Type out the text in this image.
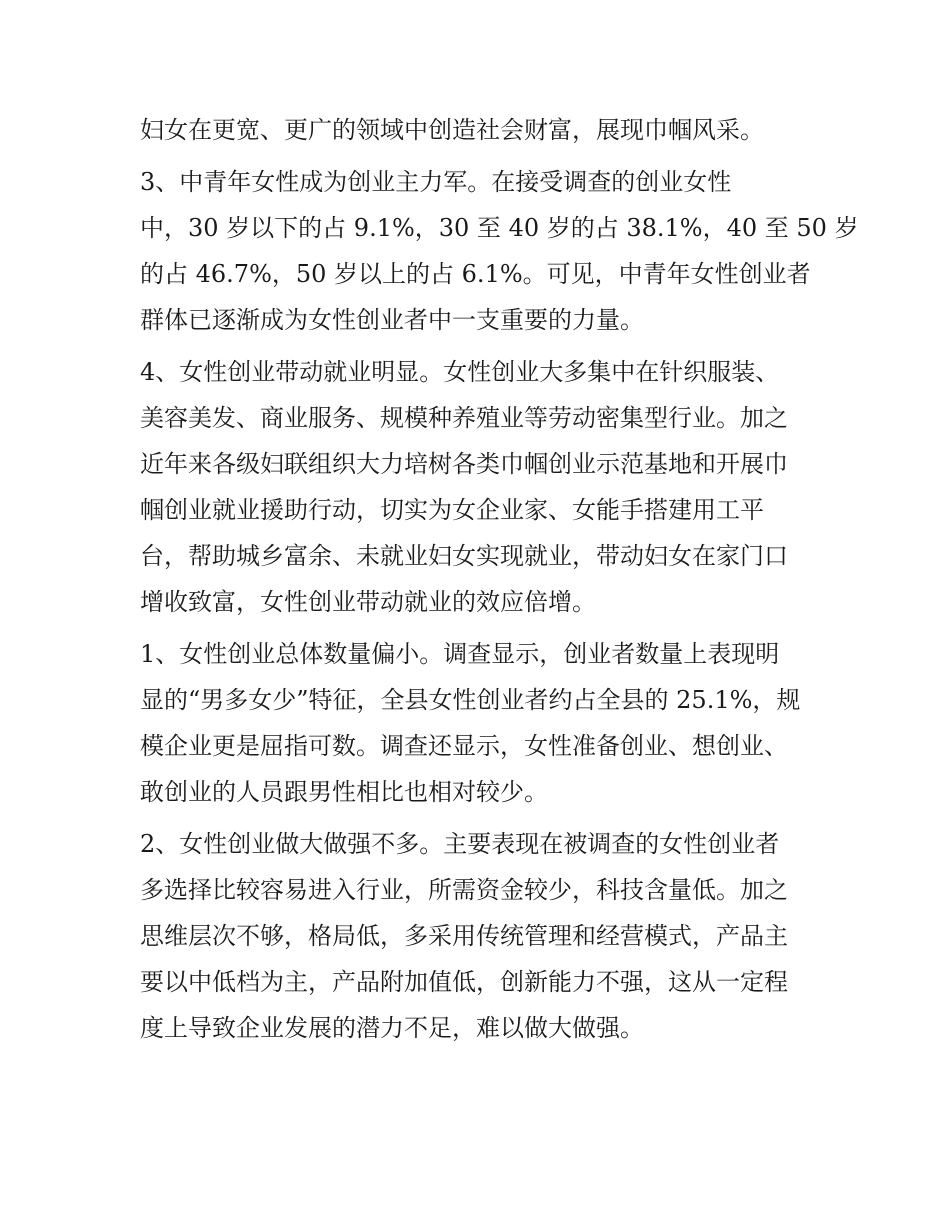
妇女在更宽、更广的领域中创造社会财富，展现巾帼风采。
3、中青年女性成为创业主力军。在接受调查的创业女性
中，30 岁以下的占 9.1%，30 至 40 岁的占 38.1%，40 至 50 岁
的占 46.7%，50 岁以上的占 6.1%。可见，中青年女性创业者
群体已逐渐成为女性创业者中一支重要的力量。
4、女性创业带动就业明显。女性创业大多集中在针织服装、
美容美发、商业服务、规模种养殖业等劳动密集型行业。加之
近年来各级妇联组织大力培树各类巾帼创业示范基地和开展巾
帼创业就业援助行动，切实为女企业家、女能手搭建用工平
台，帮助城乡富余、未就业妇女实现就业，带动妇女在家门口
增收致富，女性创业带动就业的效应倍增。
1、女性创业总体数量偏小。调查显示，创业者数量上表现明
显的“男多女少”特征，全县女性创业者约占全县的 25.1%，规
模企业更是屈指可数。调查还显示，女性准备创业、想创业、
敢创业的人员跟男性相比也相对较少。
2、女性创业做大做强不多。主要表现在被调查的女性创业者
多选择比较容易进入行业，所需资金较少，科技含量低。加之
思维层次不够，格局低，多采用传统管理和经营模式，产品主
要以中低档为主，产品附加值低，创新能力不强，这从一定程
度上导致企业发展的潜力不足，难以做大做强。
